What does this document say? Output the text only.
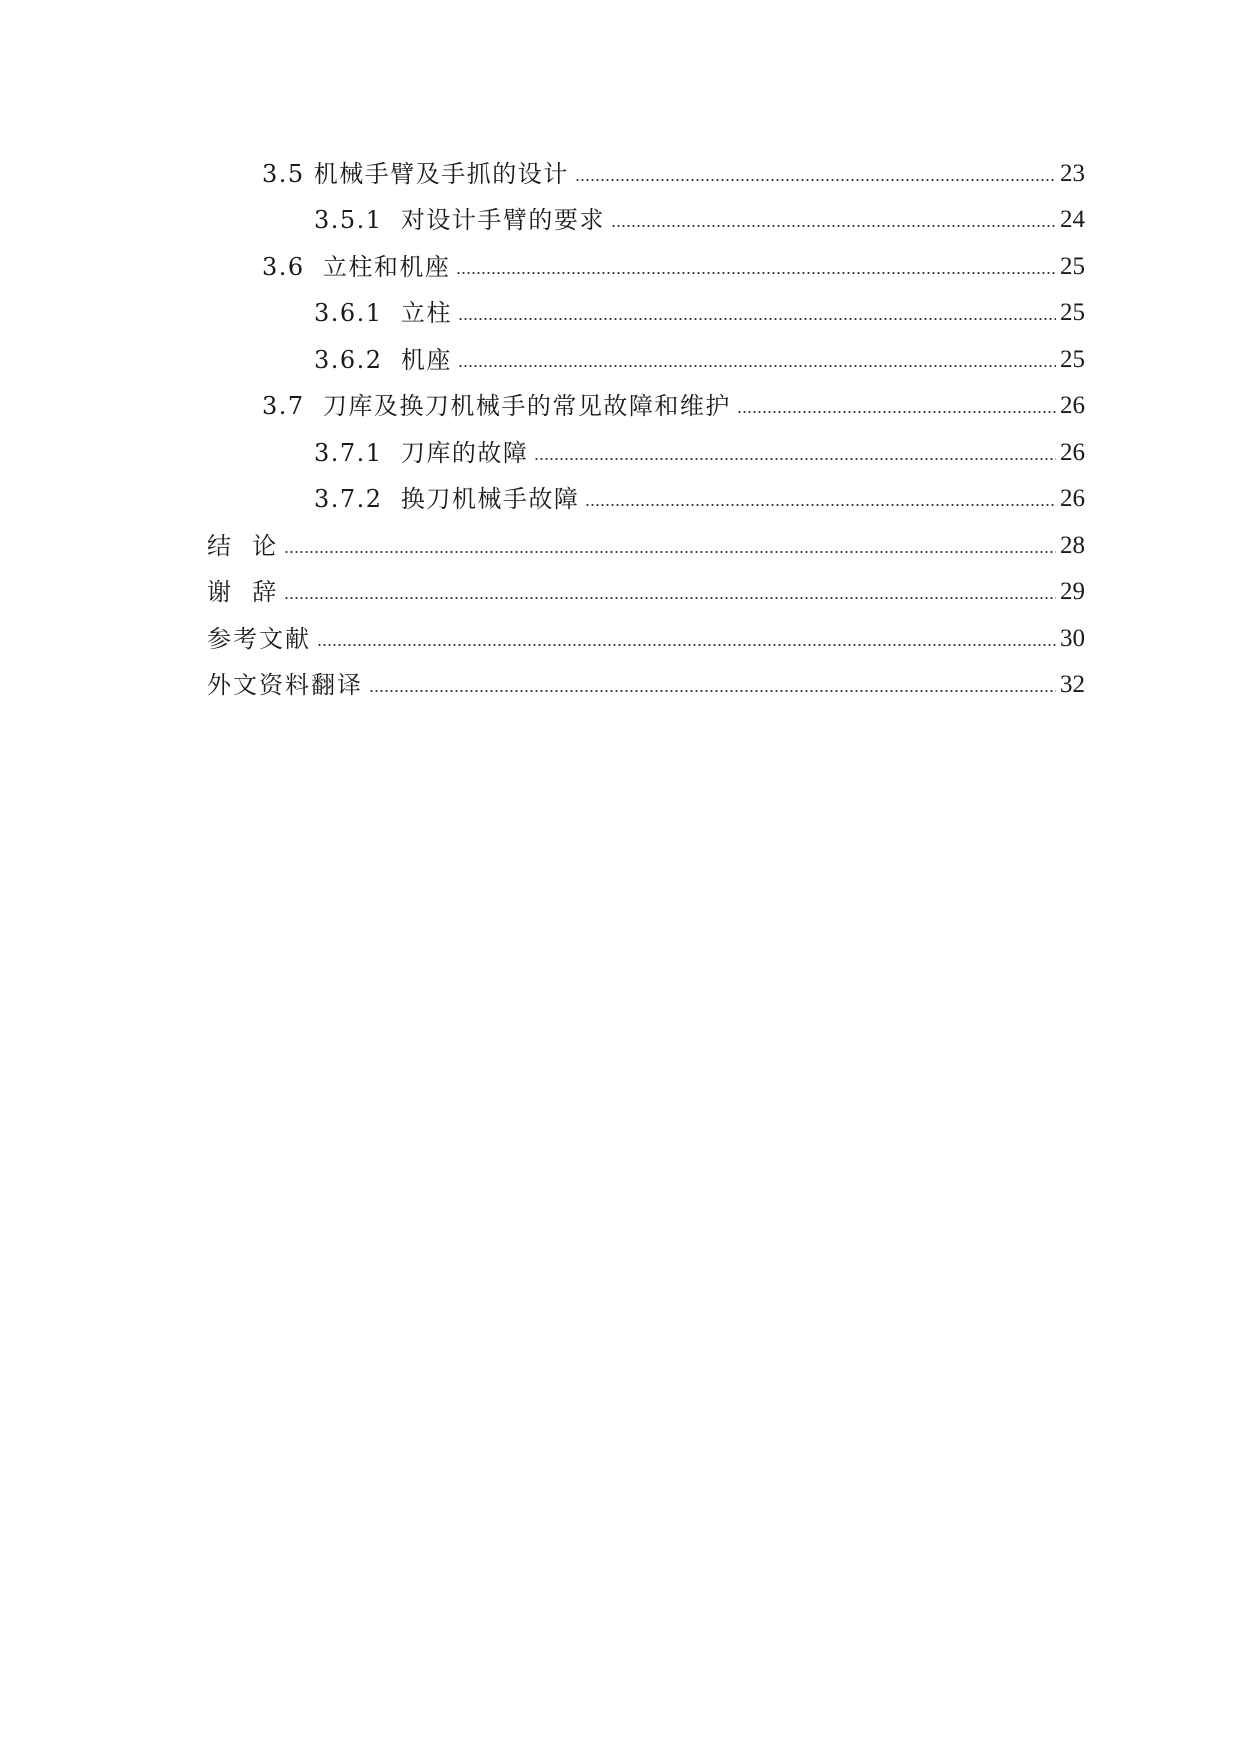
3.5 机械手臂及手抓的设计	23
3.5.1  对设计手臂的要求	24
3.6  立柱和机座	25
3.6.1  立柱	25
3.6.2  机座	25
3.7  刀库及换刀机械手的常见故障和维护	26
3.7.1  刀库的故障	26
3.7.2  换刀机械手故障	26
结  论	28
谢  辞	29
参考文献	30
外文资料翻译	32
